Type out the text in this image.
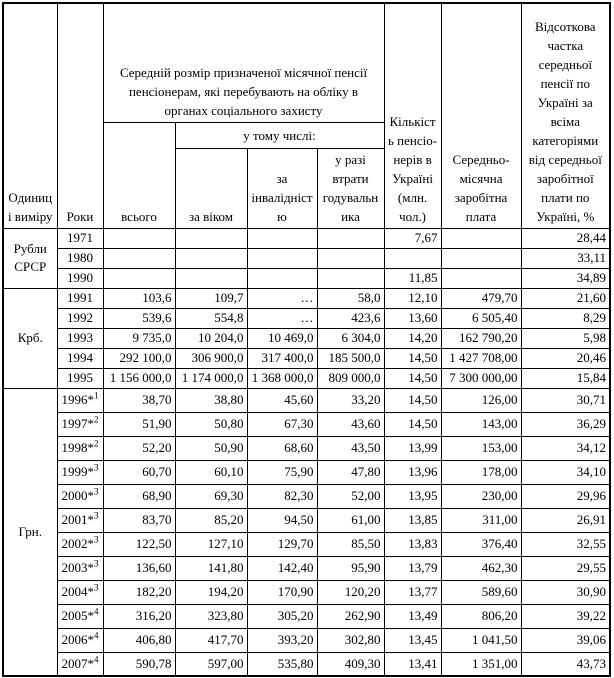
Одиниці виміру	Роки	Середній розмір призначеної місячної пенсії пенсіонерам, які перебувають на обліку в органах соціального захисту				Кількість пенсіо-нерів в Україні (млн. чол.)	Середньо-місячна заробітна плата	Відсоткова частка середньої пенсії по Україні за всіма категоріями від середньої заробітної плати по Україні, %
		всього	у тому числі:					
			за віком	за інвалідністю	у разі втрати годувальника			
Рубли СРСР	1971					7,67		28,44
	1980							33,11
	1990					11,85		34,89
Крб.	1991	103,6	109,7	…	58,0	12,10	479,70	21,60
	1992	539,6	554,8	…	423,6	13,60	6 505,40	8,29
	1993	9 735,0	10 204,0	10 469,0	6 304,0	14,20	162 790,20	5,98
	1994	292 100,0	306 900,0	317 400,0	185 500,0	14,50	1 427 708,00	20,46
	1995	1 156 000,0	1 174 000,0	1 368 000,0	809 000,0	14,50	7 300 000,00	15,84
Грн.	1996*$^1$	38,70	38,80	45,60	33,20	14,50	126,00	30,71
	1997*$^2$	51,90	50,80	67,30	43,60	14,50	143,00	36,29
	1998*$^2$	52,20	50,90	68,60	43,50	13,99	153,00	34,12
	1999*$^3$	60,70	60,10	75,90	47,80	13,96	178,00	34,10
	2000*$^3$	68,90	69,30	82,30	52,00	13,95	230,00	29,96
	2001*$^3$	83,70	85,20	94,50	61,00	13,85	311,00	26,91
	2002*$^3$	122,50	127,10	129,70	85,50	13,83	376,40	32,55
	2003*$^3$	136,60	141,80	142,40	95,90	13,79	462,30	29,55
	2004*$^3$	182,20	194,20	170,90	120,20	13,77	589,60	30,90
	2005*$^4$	316,20	323,80	305,20	262,90	13,49	806,20	39,22
	2006*$^4$	406,80	417,70	393,20	302,80	13,45	1 041,50	39,06
	2007*$^4$	590,78	597,00	535,80	409,30	13,41	1 351,00	43,73
